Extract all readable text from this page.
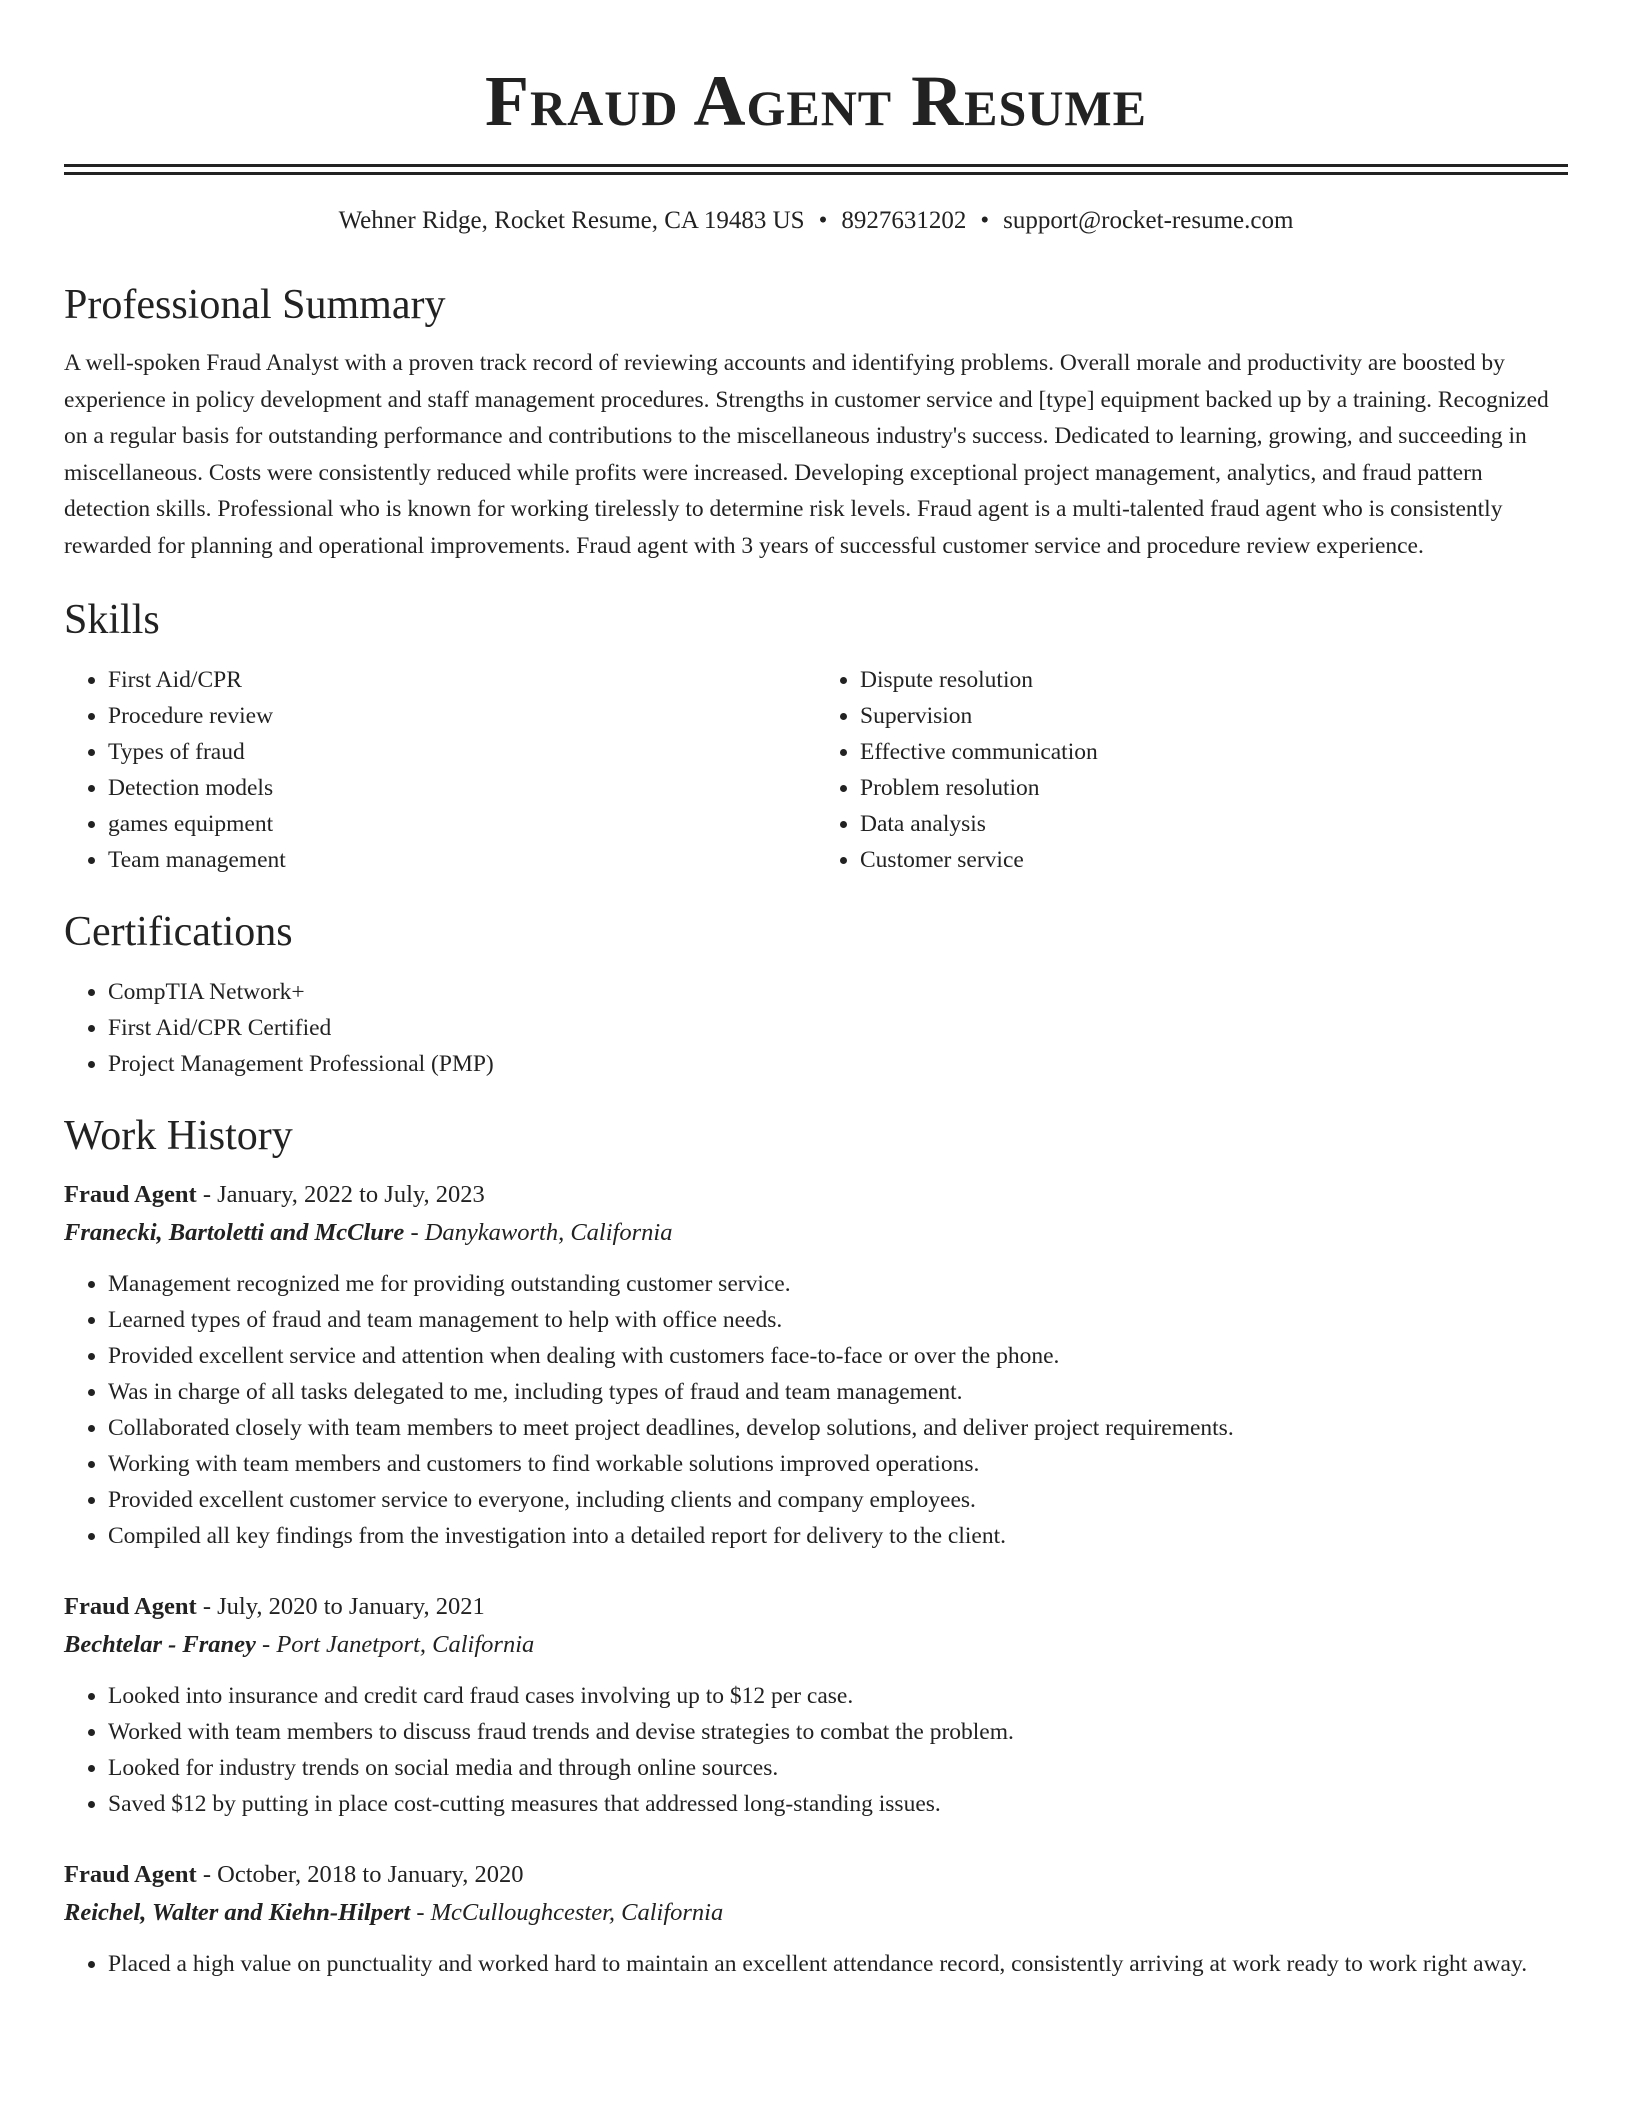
Fraud Agent Resume
Wehner Ridge, Rocket Resume, CA 19483 US • 8927631202 • support@rocket-resume.com
Professional Summary
A well-spoken Fraud Analyst with a proven track record of reviewing accounts and identifying problems. Overall morale and productivity are boosted by experience in policy development and staff management procedures. Strengths in customer service and [type] equipment backed up by a training. Recognized on a regular basis for outstanding performance and contributions to the miscellaneous industry's success. Dedicated to learning, growing, and succeeding in miscellaneous. Costs were consistently reduced while profits were increased. Developing exceptional project management, analytics, and fraud pattern detection skills. Professional who is known for working tirelessly to determine risk levels. Fraud agent is a multi-talented fraud agent who is consistently rewarded for planning and operational improvements. Fraud agent with 3 years of successful customer service and procedure review experience.
Skills
• First Aid/CPR
• Procedure review
• Types of fraud
• Detection models
• games equipment
• Team management
• Dispute resolution
• Supervision
• Effective communication
• Problem resolution
• Data analysis
• Customer service
Certifications
• CompTIA Network+
• First Aid/CPR Certified
• Project Management Professional (PMP)
Work History
Fraud Agent - January, 2022 to July, 2023
Franecki, Bartoletti and McClure - Danykaworth, California
• Management recognized me for providing outstanding customer service.
• Learned types of fraud and team management to help with office needs.
• Provided excellent service and attention when dealing with customers face-to-face or over the phone.
• Was in charge of all tasks delegated to me, including types of fraud and team management.
• Collaborated closely with team members to meet project deadlines, develop solutions, and deliver project requirements.
• Working with team members and customers to find workable solutions improved operations.
• Provided excellent customer service to everyone, including clients and company employees.
• Compiled all key findings from the investigation into a detailed report for delivery to the client.
Fraud Agent - July, 2020 to January, 2021
Bechtelar - Franey - Port Janetport, California
• Looked into insurance and credit card fraud cases involving up to $12 per case.
• Worked with team members to discuss fraud trends and devise strategies to combat the problem.
• Looked for industry trends on social media and through online sources.
• Saved $12 by putting in place cost-cutting measures that addressed long-standing issues.
Fraud Agent - October, 2018 to January, 2020
Reichel, Walter and Kiehn-Hilpert - McCulloughcester, California
• Placed a high value on punctuality and worked hard to maintain an excellent attendance record, consistently arriving at work ready to work right away.
